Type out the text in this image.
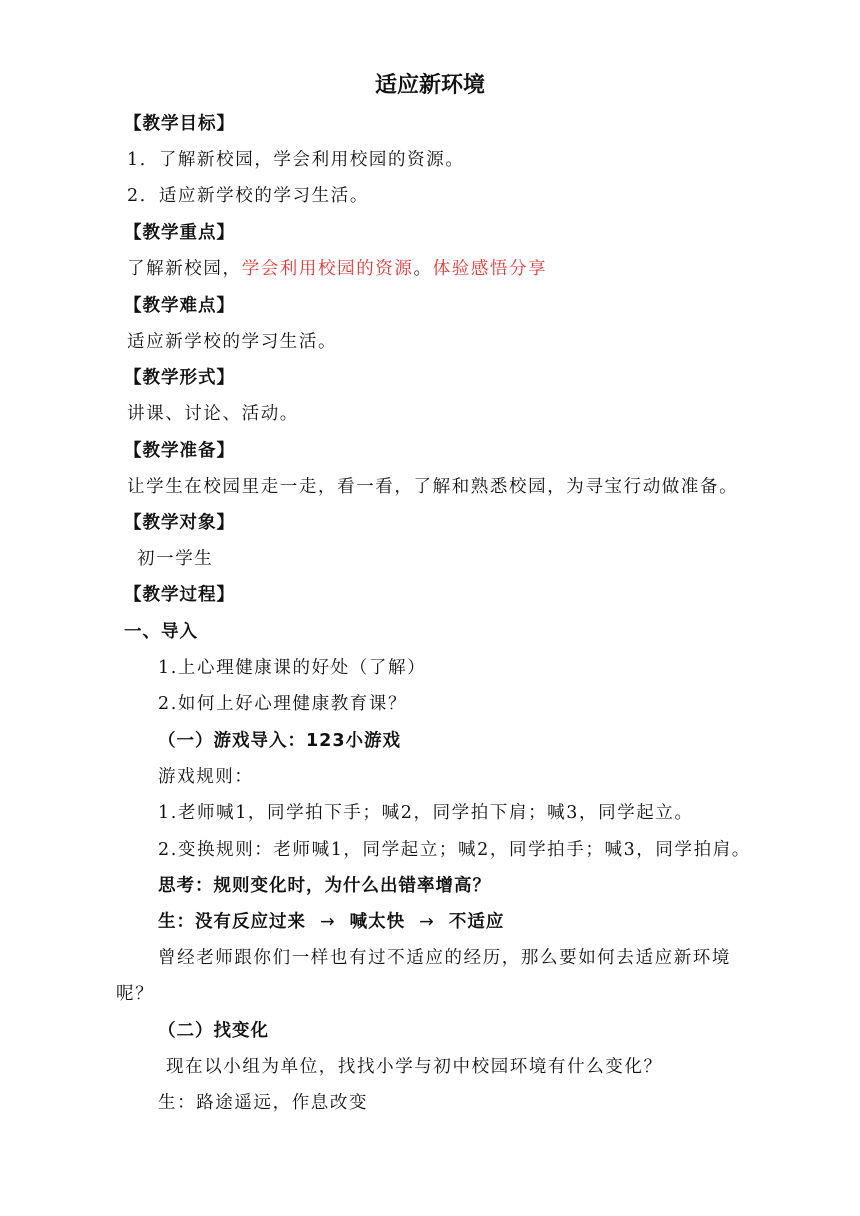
适应新环境
【教学目标】
1．了解新校园，学会利用校园的资源。
2．适应新学校的学习生活。
【教学重点】
了解新校园，学会利用校园的资源。体验感悟分享
【教学难点】
适应新学校的学习生活。
【教学形式】
讲课、讨论、活动。
【教学准备】
让学生在校园里走一走，看一看，了解和熟悉校园，为寻宝行动做准备。
【教学对象】
初一学生
【教学过程】
一、导入
1.上心理健康课的好处（了解）
2.如何上好心理健康教育课？
（一）游戏导入：123小游戏
游戏规则：
1.老师喊1，同学拍下手；喊2，同学拍下肩；喊3，同学起立。
2.变换规则：老师喊1，同学起立；喊2，同学拍手；喊3，同学拍肩。
思考：规则变化时，为什么出错率增高？
生：没有反应过来 → 喊太快 → 不适应
曾经老师跟你们一样也有过不适应的经历，那么要如何去适应新环境
呢？
（二）找变化
现在以小组为单位，找找小学与初中校园环境有什么变化？
生：路途遥远，作息改变
